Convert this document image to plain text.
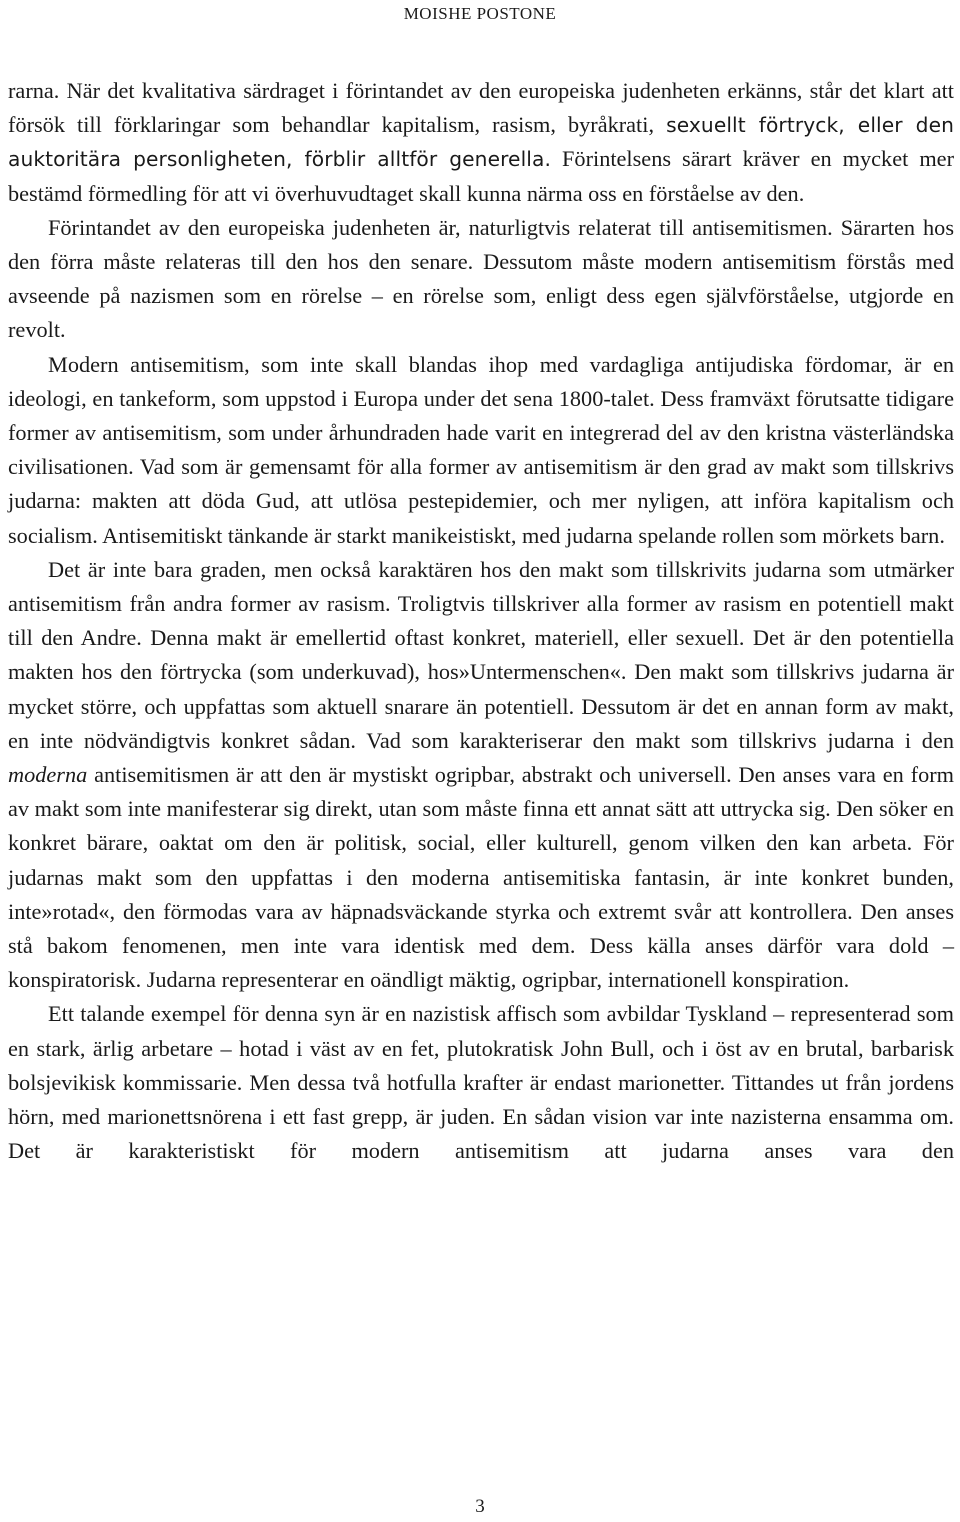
MOISHE POSTONE

rarna. När det kvalitativa särdraget i förintandet av den europeiska judenheten erkänns, står det klart att försök till förklaringar som behandlar kapitalism, rasism, byråkrati, sexuellt förtryck, eller den auktoritära personligheten, förblir alltför generella. Förintelsens särart kräver en mycket mer bestämd förmedling för att vi överhuvudtaget skall kunna närma oss en förståelse av den.

Förintandet av den europeiska judenheten är, naturligtvis relaterat till antisemitismen. Särarten hos den förra måste relateras till den hos den senare. Dessutom måste modern antisemitism förstås med avseende på nazismen som en rörelse – en rörelse som, enligt dess egen självförståelse, utgjorde en revolt.

Modern antisemitism, som inte skall blandas ihop med vardagliga antijudiska fördomar, är en ideologi, en tankeform, som uppstod i Europa under det sena 1800-talet. Dess framväxt förutsatte tidigare former av antisemitism, som under århundraden hade varit en integrerad del av den kristna västerländska civilisationen. Vad som är gemensamt för alla former av antisemitism är den grad av makt som tillskrivs judarna: makten att döda Gud, att utlösa pestepidemier, och mer nyligen, att införa kapitalism och socialism. Antisemitiskt tänkande är starkt manikeistiskt, med judarna spelande rollen som mörkets barn.

Det är inte bara graden, men också karaktären hos den makt som tillskrivits judarna som utmärker antisemitism från andra former av rasism. Troligtvis tillskriver alla former av rasism en potentiell makt till den Andre. Denna makt är emellertid oftast konkret, materiell, eller sexuell. Det är den potentiella makten hos den förtrycka (som underkuvad), hos»Untermenschen«. Den makt som tillskrivs judarna är mycket större, och uppfattas som aktuell snarare än potentiell. Dessutom är det en annan form av makt, en inte nödvändigtvis konkret sådan. Vad som karakteriserar den makt som tillskrivs judarna i den moderna antisemitismen är att den är mystiskt ogripbar, abstrakt och universell. Den anses vara en form av makt som inte manifesterar sig direkt, utan som måste finna ett annat sätt att uttrycka sig. Den söker en konkret bärare, oaktat om den är politisk, social, eller kulturell, genom vilken den kan arbeta. För judarnas makt som den uppfattas i den moderna antisemitiska fantasin, är inte konkret bunden, inte»rotad«, den förmodas vara av häpnadsväckande styrka och extremt svår att kontrollera. Den anses stå bakom fenomenen, men inte vara identisk med dem. Dess källa anses därför vara dold – konspiratorisk. Judarna representerar en oändligt mäktig, ogripbar, internationell konspiration.

Ett talande exempel för denna syn är en nazistisk affisch som avbildar Tyskland – representerad som en stark, ärlig arbetare – hotad i väst av en fet, plutokratisk John Bull, och i öst av en brutal, barbarisk bolsjevikisk kommissarie. Men dessa två hotfulla krafter är endast marionetter. Tittandes ut från jordens hörn, med marionettsnörena i ett fast grepp, är juden. En sådan vision var inte nazisterna ensamma om. Det är karakteristiskt för modern antisemitism att judarna anses vara den

3
